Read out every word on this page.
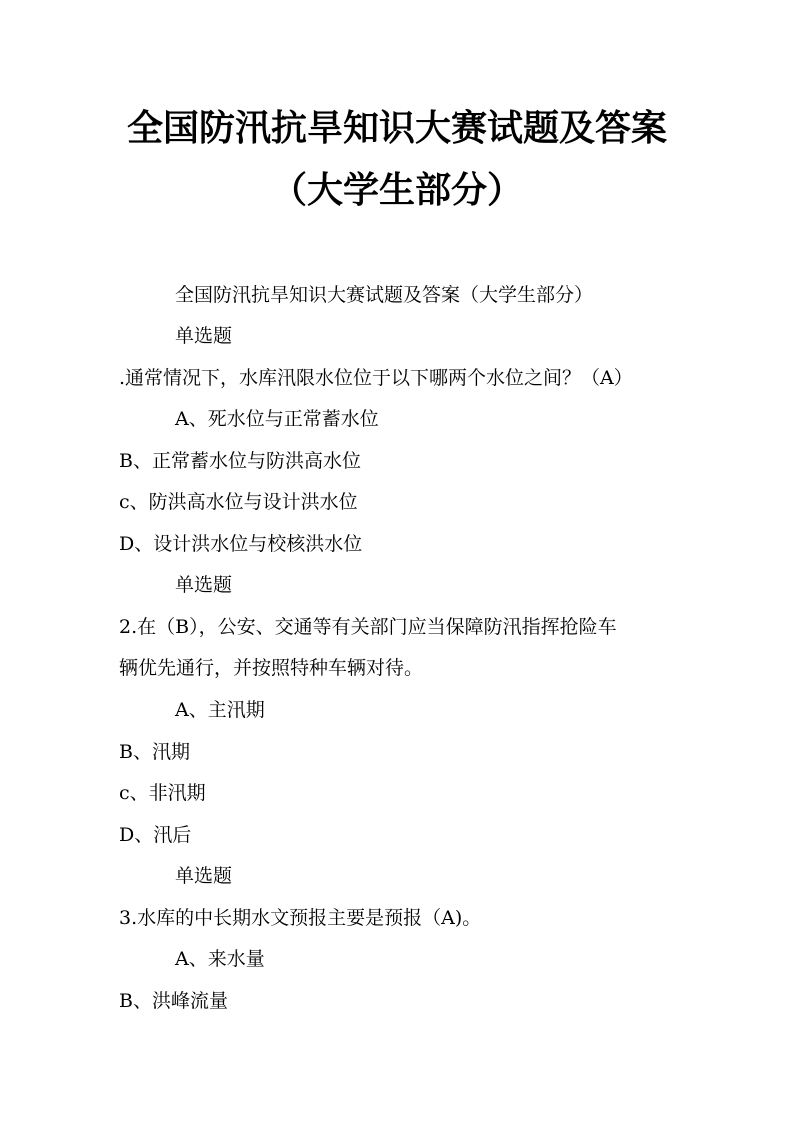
全国防汛抗旱知识大赛试题及答案
（大学生部分）
全国防汛抗旱知识大赛试题及答案（大学生部分）
单选题
.通常情况下，水库汛限水位位于以下哪两个水位之间？（A）
A、死水位与正常蓄水位
B、正常蓄水位与防洪高水位
c、防洪高水位与设计洪水位
D、设计洪水位与校核洪水位
单选题
2.在（B），公安、交通等有关部门应当保障防汛指挥抢险车
辆优先通行，并按照特种车辆对待。
A、主汛期
B、汛期
c、非汛期
D、汛后
单选题
3.水库的中长期水文预报主要是预报（A)。
A、来水量
B、洪峰流量
